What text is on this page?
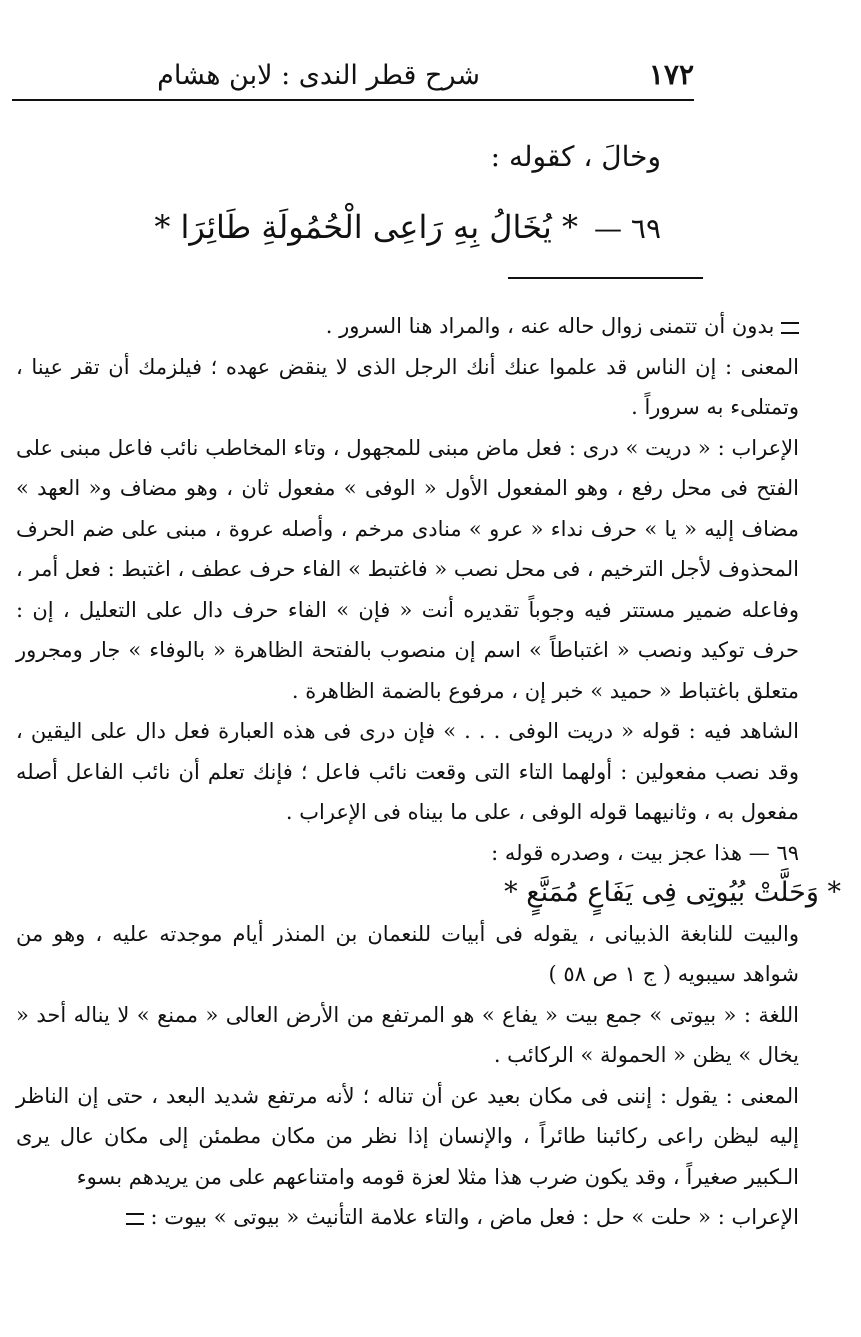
١٧٢
شرح قطر الندى : لابن هشام
وخالَ ، كقوله :
٦٩ —
* يُخَالُ بِهِ رَاعِى الْحُمُولَةِ طَائِرَا *

بدون أن تتمنى زوال حاله عنه ، والمراد هنا السرور .

المعنى : إن الناس قد علموا عنك أنك الرجل الذى لا ينقض عهده ؛ فيلزمك أن تقر عينا ، وتمتلىء به سروراً .

الإعراب : « دريت » درى : فعل ماض مبنى للمجهول ، وتاء المخاطب نائب فاعل مبنى على الفتح فى محل رفع ، وهو المفعول الأول « الوفى » مفعول ثان ، وهو مضاف و« العهد » مضاف إليه « يا » حرف نداء « عرو » منادى مرخم ، وأصله عروة ، مبنى على ضم الحرف المحذوف لأجل الترخيم ، فى محل نصب « فاغتبط » الفاء حرف عطف ، اغتبط : فعل أمر ، وفاعله ضمير مستتر فيه وجوباً تقديره أنت « فإن » الفاء حرف دال على التعليل ، إن : حرف توكيد ونصب « اغتباطاً » اسم إن منصوب بالفتحة الظاهرة « بالوفاء » جار ومجرور متعلق باغتباط « حميد » خبر إن ، مرفوع بالضمة الظاهرة .

الشاهد فيه : قوله « دريت الوفى . . . » فإن درى فى هذه العبارة فعل دال على اليقين ، وقد نصب مفعولين : أولهما التاء التى وقعت نائب فاعل ؛ فإنك تعلم أن نائب الفاعل أصله مفعول به ، وثانيهما قوله الوفى ، على ما بيناه فى الإعراب .

٦٩ — هذا عجز بيت ، وصدره قوله :

* وَحَلَّتْ بُيُوتِى فِى يَفَاعٍ مُمَنَّعٍ *

والبيت للنابغة الذبيانى ، يقوله فى أبيات للنعمان بن المنذر أيام موجدته عليه ، وهو من شواهد سيبويه ( ج ١ ص ٥٨ )

اللغة : « بيوتى » جمع بيت « يفاع » هو المرتفع من الأرض العالى « ممنع » لا يناله أحد « يخال » يظن « الحمولة » الركائب .

المعنى : يقول : إننى فى مكان بعيد عن أن تناله ؛ لأنه مرتفع شديد البعد ، حتى إن الناظر إليه ليظن راعى ركائبنا طائراً ، والإنسان إذا نظر من مكان مطمئن إلى مكان عال يرى الـكبير صغيراً ، وقد يكون ضرب هذا مثلا لعزة قومه وامتناعهم على من يريدهم بسوء

الإعراب : « حلت » حل : فعل ماض ، والتاء علامة التأنيث « بيوتى » بيوت :
